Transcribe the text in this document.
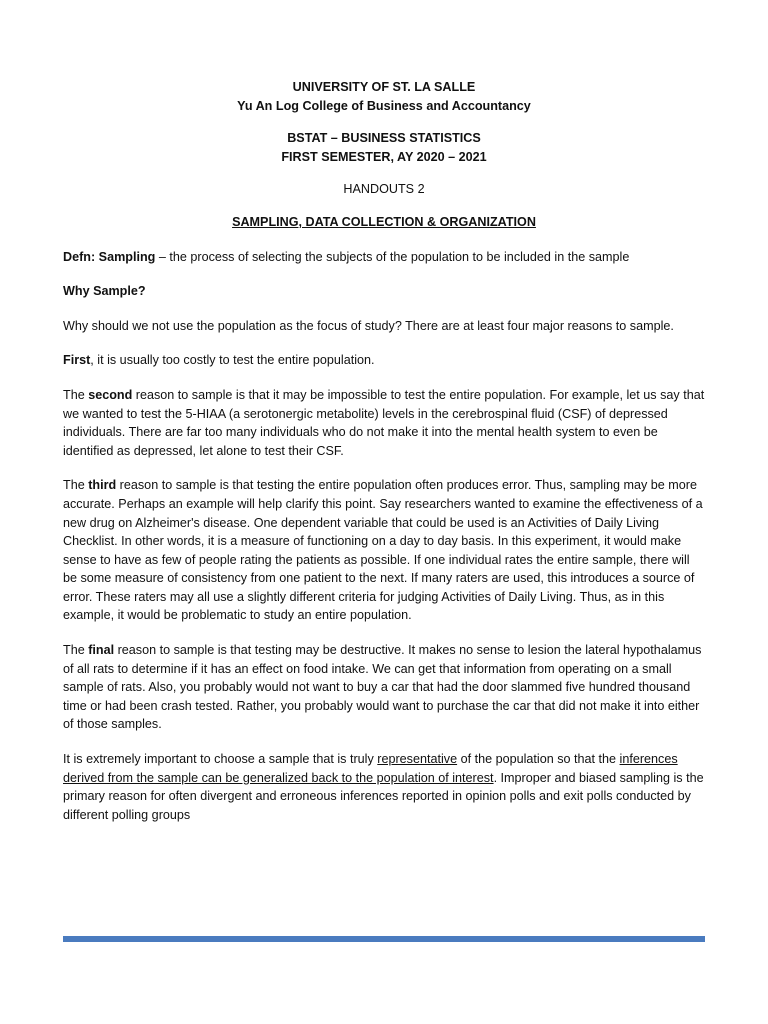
UNIVERSITY OF ST. LA SALLE
Yu An Log College of Business and Accountancy
BSTAT – BUSINESS STATISTICS
FIRST SEMESTER, AY 2020 – 2021
HANDOUTS 2
SAMPLING, DATA COLLECTION & ORGANIZATION

Defn: Sampling – the process of selecting the subjects of the population to be included in the sample

Why Sample?

Why should we not use the population as the focus of study? There are at least four major reasons to sample.

First, it is usually too costly to test the entire population.

The second reason to sample is that it may be impossible to test the entire population. For example, let us say that we wanted to test the 5-HIAA (a serotonergic metabolite) levels in the cerebrospinal fluid (CSF) of depressed individuals. There are far too many individuals who do not make it into the mental health system to even be identified as depressed, let alone to test their CSF.

The third reason to sample is that testing the entire population often produces error. Thus, sampling may be more accurate. Perhaps an example will help clarify this point. Say researchers wanted to examine the effectiveness of a new drug on Alzheimer's disease. One dependent variable that could be used is an Activities of Daily Living Checklist. In other words, it is a measure of functioning on a day to day basis. In this experiment, it would make sense to have as few of people rating the patients as possible. If one individual rates the entire sample, there will be some measure of consistency from one patient to the next. If many raters are used, this introduces a source of error. These raters may all use a slightly different criteria for judging Activities of Daily Living. Thus, as in this example, it would be problematic to study an entire population.

The final reason to sample is that testing may be destructive. It makes no sense to lesion the lateral hypothalamus of all rats to determine if it has an effect on food intake. We can get that information from operating on a small sample of rats. Also, you probably would not want to buy a car that had the door slammed five hundred thousand time or had been crash tested. Rather, you probably would want to purchase the car that did not make it into either of those samples.

It is extremely important to choose a sample that is truly representative of the population so that the inferences derived from the sample can be generalized back to the population of interest. Improper and biased sampling is the primary reason for often divergent and erroneous inferences reported in opinion polls and exit polls conducted by different polling groups
